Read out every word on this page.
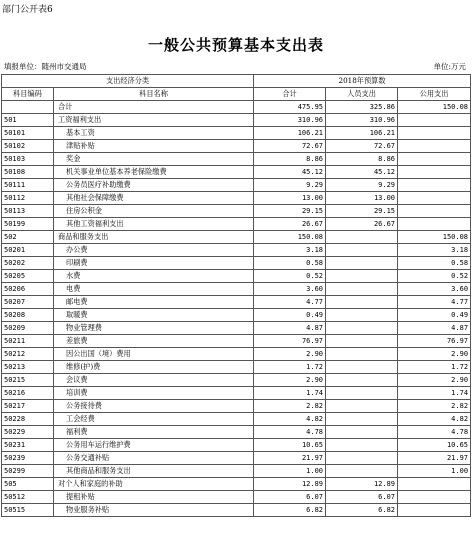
部门公开表6
一般公共预算基本支出表
填报单位：随州市交通局	单位:万元
支出经济分类		2018年预算数		
科目编码	科目名称	合计	人员支出	公用支出
	合计	475.95	325.86	150.08
501	工资福利支出	310.96	310.96	
50101	基本工资	106.21	106.21	
50102	津贴补贴	72.67	72.67	
50103	奖金	8.86	8.86	
50108	机关事业单位基本养老保险缴费	45.12	45.12	
50111	公务员医疗补助缴费	9.29	9.29	
50112	其他社会保障缴费	13.00	13.00	
50113	住房公积金	29.15	29.15	
50199	其他工资福利支出	26.67	26.67	
502	商品和服务支出	150.08		150.08
50201	办公费	3.18		3.18
50202	印刷费	0.58		0.58
50205	水费	0.52		0.52
50206	电费	3.60		3.60
50207	邮电费	4.77		4.77
50208	取暖费	0.49		0.49
50209	物业管理费	4.87		4.87
50211	差旅费	76.97		76.97
50212	因公出国（境）费用	2.90		2.90
50213	维修(护)费	1.72		1.72
50215	会议费	2.90		2.90
50216	培训费	1.74		1.74
50217	公务接待费	2.82		2.82
50228	工会经费	4.82		4.82
50229	福利费	4.78		4.78
50231	公务用车运行维护费	10.65		10.65
50239	公务交通补贴	21.97		21.97
50299	其他商品和服务支出	1.00		1.00
505	对个人和家庭的补助	12.89	12.89	
50512	提租补贴	6.07	6.07	
50515	物业服务补贴	6.82	6.82	
